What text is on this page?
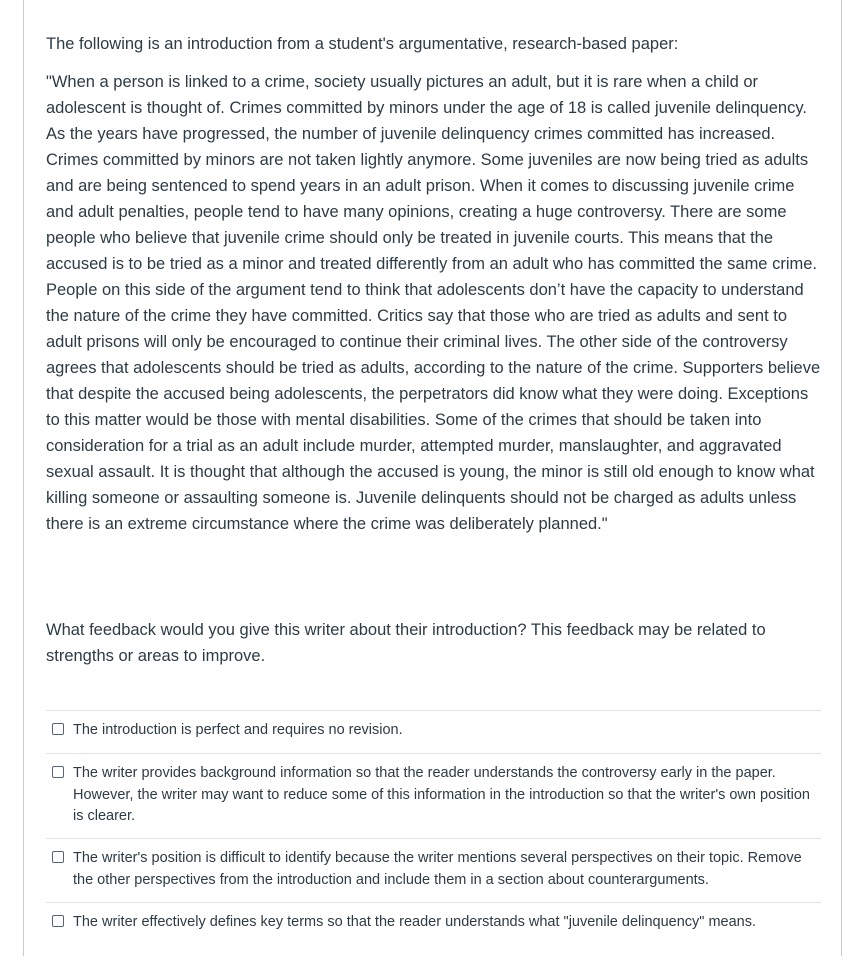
The following is an introduction from a student's argumentative, research-based paper:

"When a person is linked to a crime, society usually pictures an adult, but it is rare when a child or adolescent is thought of. Crimes committed by minors under the age of 18 is called juvenile delinquency. As the years have progressed, the number of juvenile delinquency crimes committed has increased. Crimes committed by minors are not taken lightly anymore. Some juveniles are now being tried as adults and are being sentenced to spend years in an adult prison. When it comes to discussing juvenile crime and adult penalties, people tend to have many opinions, creating a huge controversy. There are some people who believe that juvenile crime should only be treated in juvenile courts. This means that the accused is to be tried as a minor and treated differently from an adult who has committed the same crime. People on this side of the argument tend to think that adolescents don’t have the capacity to understand the nature of the crime they have committed. Critics say that those who are tried as adults and sent to adult prisons will only be encouraged to continue their criminal lives. The other side of the controversy agrees that adolescents should be tried as adults, according to the nature of the crime. Supporters believe that despite the accused being adolescents, the perpetrators did know what they were doing. Exceptions to this matter would be those with mental disabilities. Some of the crimes that should be taken into consideration for a trial as an adult include murder, attempted murder, manslaughter, and aggravated sexual assault. It is thought that although the accused is young, the minor is still old enough to know what killing someone or assaulting someone is. Juvenile delinquents should not be charged as adults unless there is an extreme circumstance where the crime was deliberately planned."

What feedback would you give this writer about their introduction? This feedback may be related to strengths or areas to improve.

The introduction is perfect and requires no revision.
The writer provides background information so that the reader understands the controversy early in the paper. However, the writer may want to reduce some of this information in the introduction so that the writer's own position is clearer.
The writer's position is difficult to identify because the writer mentions several perspectives on their topic. Remove the other perspectives from the introduction and include them in a section about counterarguments.
The writer effectively defines key terms so that the reader understands what "juvenile delinquency" means.
